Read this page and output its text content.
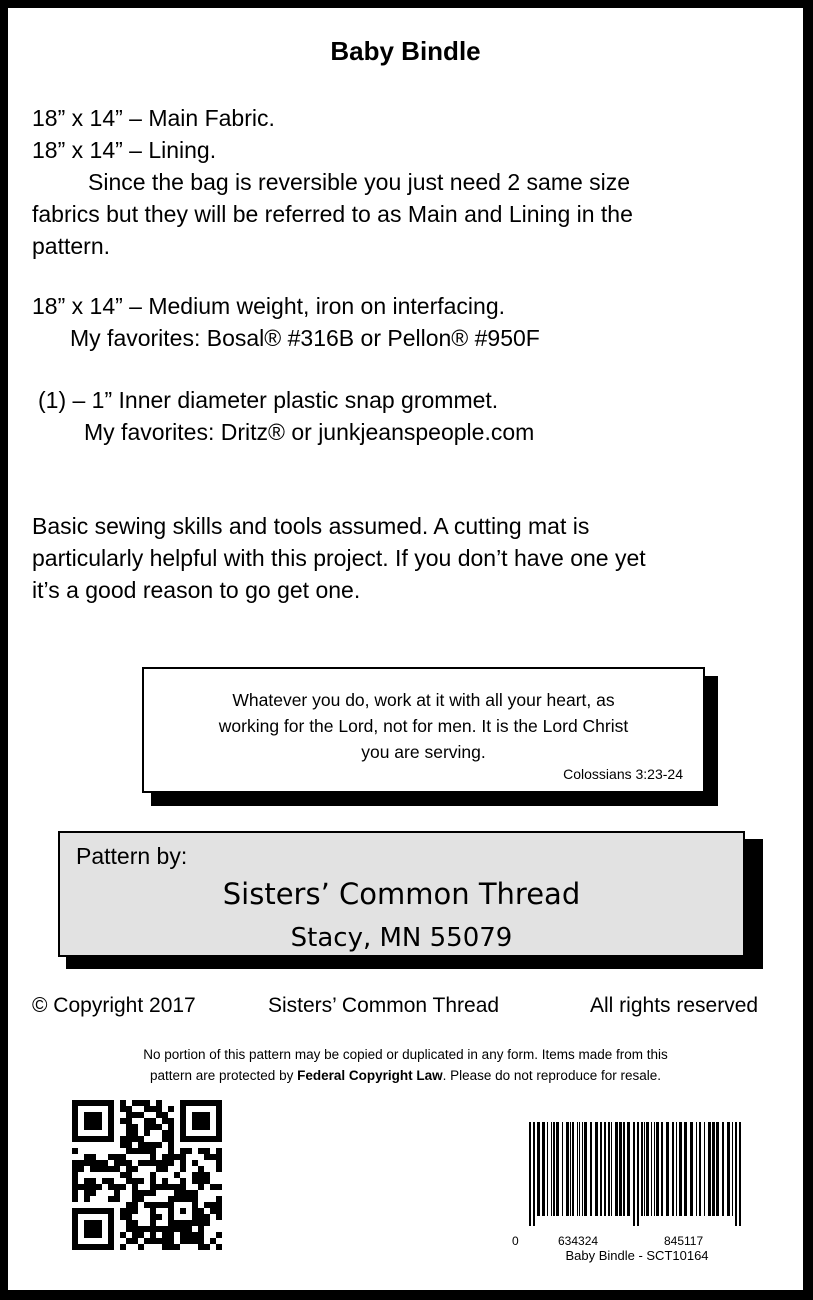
Baby Bindle

18” x 14” – Main Fabric.

18” x 14” – Lining.

Since the bag is reversible you just need 2 same size

fabrics but they will be referred to as Main and Lining in the

pattern.

18” x 14” – Medium weight, iron on interfacing.

My favorites: Bosal® #316B or Pellon® #950F

(1) – 1” Inner diameter plastic snap grommet.

My favorites: Dritz® or junkjeanspeople.com

Basic sewing skills and tools assumed. A cutting mat is

particularly helpful with this project. If you don’t have one yet

it’s a good reason to go get one.

Whatever you do, work at it with all your heart, as
working for the Lord, not for men. It is the Lord Christ
you are serving.
Colossians 3:23-24
Pattern by:
Sisters’ Common Thread
Stacy, MN 55079
© Copyright 2017	Sisters’ Common Thread	All rights reserved
No portion of this pattern may be copied or duplicated in any form. Items made from this
pattern are protected by Federal Copyright Law. Please do not reproduce for resale.
0	634324	845117
Baby Bindle - SCT10164
